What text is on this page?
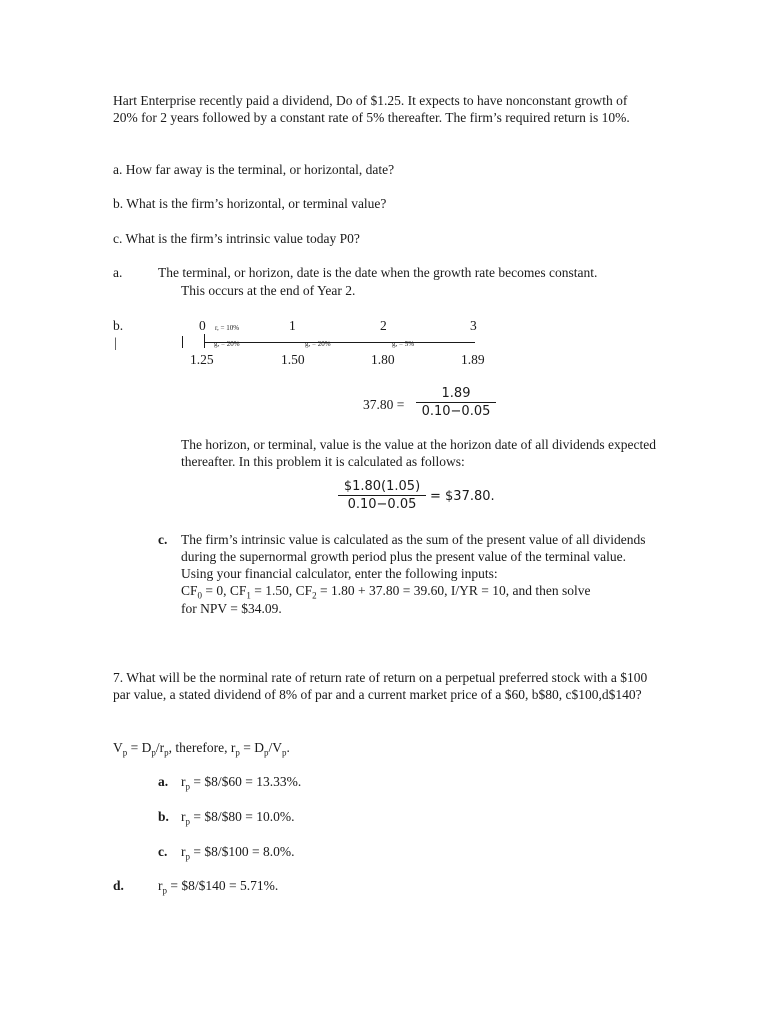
Hart Enterprise recently paid a dividend, Do of $1.25. It expects to have nonconstant growth of 20% for 2 years followed by a constant rate of 5% thereafter. The firm’s required return is 10%.
a. How far away is the terminal, or horizontal, date?
b. What is the firm’s horizontal, or terminal value?
c. What is the firm’s intrinsic value today P0?
a.	The terminal, or horizon, date is the date when the growth rate becomes constant.
This occurs at the end of Year 2.
b.
|
0	1	2	3
r, = 10%
g, = 20%	g, = 20%	g, = 5%
1.25	1.50	1.80	1.89
$37.80 = \frac{1.89}{0.10-0.05}$
The horizon, or terminal, value is the value at the horizon date of all dividends expected thereafter. In this problem it is calculated as follows:
$\frac{\$1.80(1.05)}{0.10-0.05}$ = $37.80.
c. The firm’s intrinsic value is calculated as the sum of the present value of all dividends during the supernormal growth period plus the present value of the terminal value. Using your financial calculator, enter the following inputs:
$CF_0 = 0$, $CF_1 = 1.50$, $CF_2 = 1.80 + 37.80 = 39.60$, I/YR = 10, and then solve
for NPV = $34.09.
7. What will be the norminal rate of return rate of return on a perpetual preferred stock with a $100 par value, a stated dividend of 8% of par and a current market price of a $60, b$80, c$100,d$140?
$V_p = D_p/r_p$, therefore, $r_p = D_p/V_p$.
a. $r_p$ = $8/$60 = 13.33%.
b. $r_p$ = $8/$80 = 10.0%.
c. $r_p$ = $8/$100 = 8.0%.
d.	$r_p$ = $8/$140 = 5.71%.
